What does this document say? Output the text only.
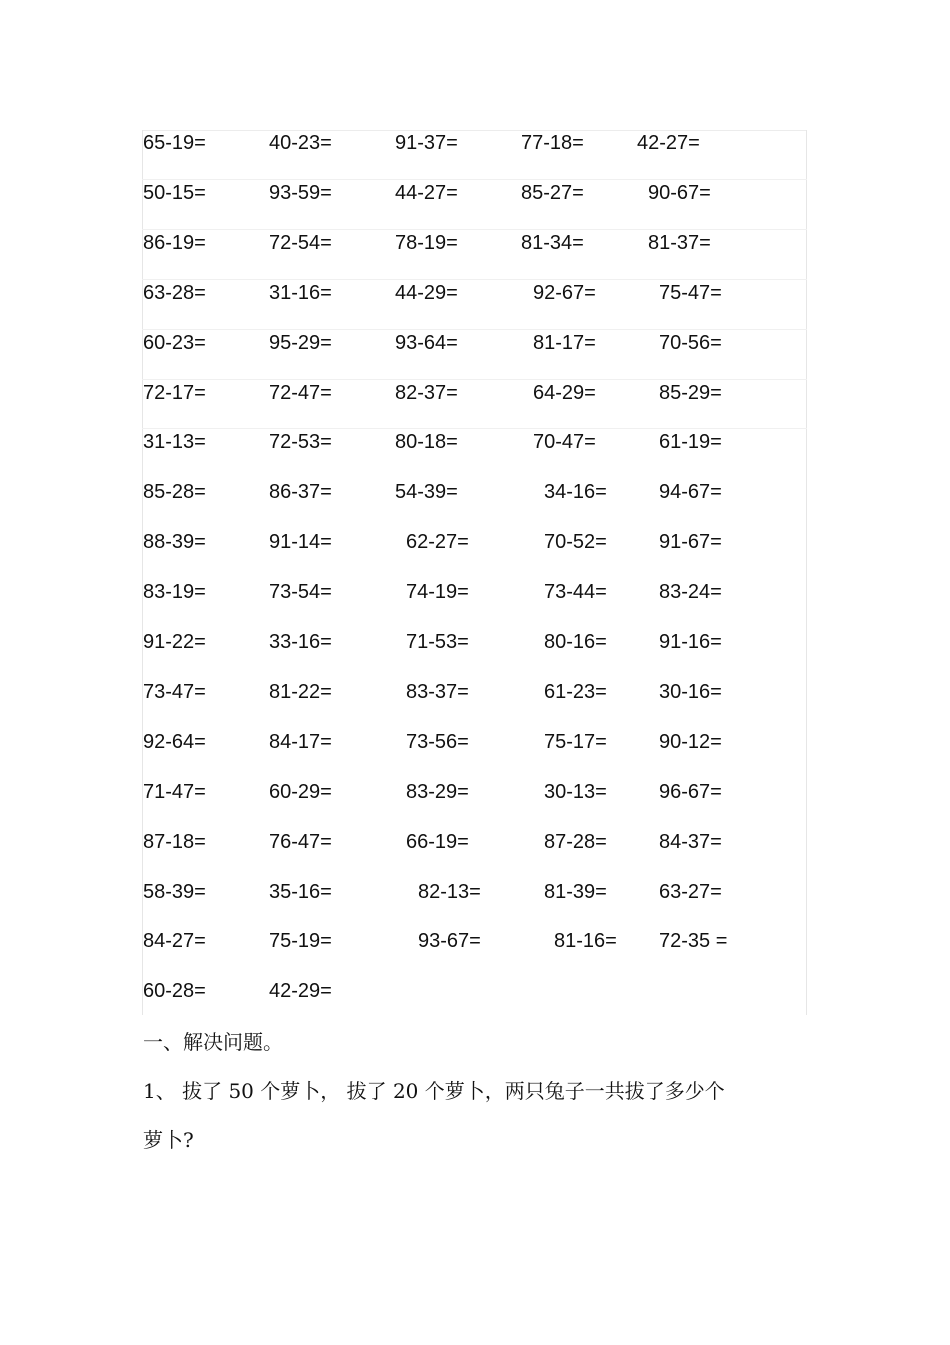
65-19=	40-23=	91-37=	77-18=	42-27=
50-15=	93-59=	44-27=	85-27=	90-67=
86-19=	72-54=	78-19=	81-34=	81-37=
63-28=	31-16=	44-29=	92-67=	75-47=
60-23=	95-29=	93-64=	81-17=	70-56=
72-17=	72-47=	82-37=	64-29=	85-29=
31-13=	72-53=	80-18=	70-47=	61-19=
85-28=	86-37=	54-39=	34-16=	94-67=
88-39=	91-14=	62-27=	70-52=	91-67=
83-19=	73-54=	74-19=	73-44=	83-24=
91-22=	33-16=	71-53=	80-16=	91-16=
73-47=	81-22=	83-37=	61-23=	30-16=
92-64=	84-17=	73-56=	75-17=	90-12=
71-47=	60-29=	83-29=	30-13=	96-67=
87-18=	76-47=	66-19=	87-28=	84-37=
58-39=	35-16=	82-13=	81-39=	63-27=
84-27=	75-19=	93-67=	81-16= 72-35 =
60-28=	42-29=
一、解决问题。
1、 拔了 50 个萝卜， 拔了 20 个萝卜，两只兔子一共拔了多少个
萝卜?
